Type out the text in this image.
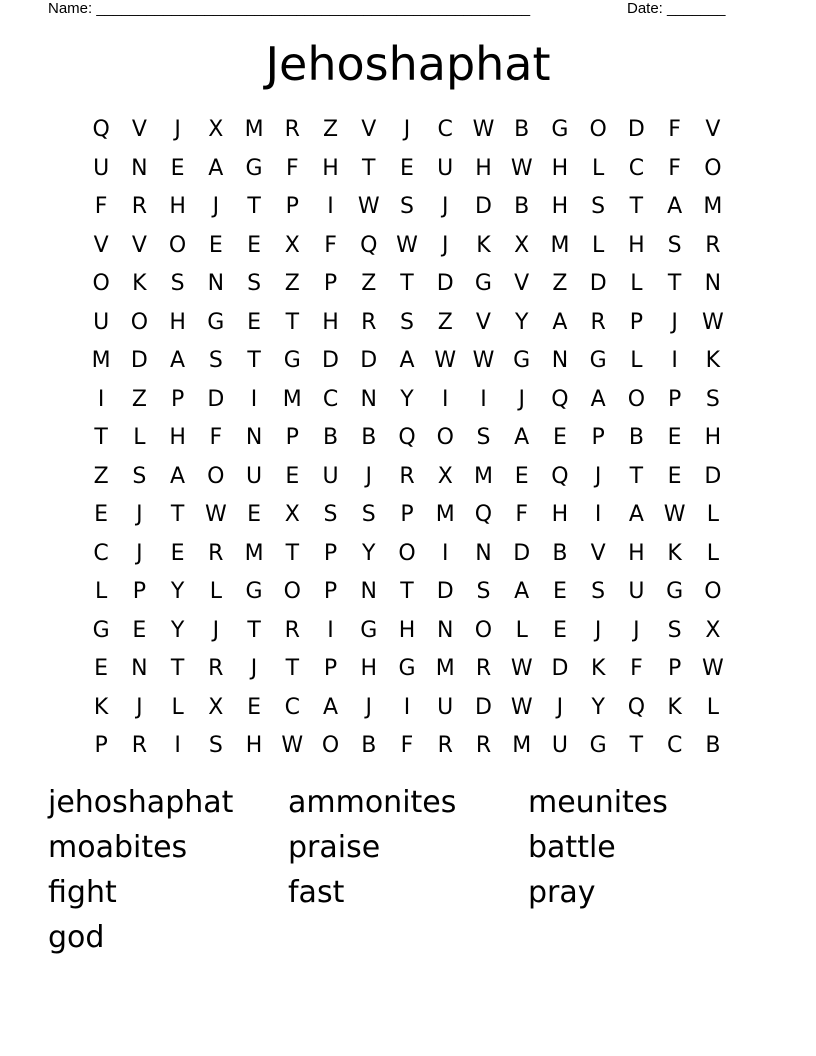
Name: ____________________________________________________	Date: _______
Jehoshaphat
Q	V	J	X M R	Z	V	J	C W B	G O D	F	V
U N	E	A	G	F	H	T	E	U H W H	L	C	F	O
F	R	H	J	T	P	I	W S	J	D	B	H	S	T	A M
V	V	O	E	E	X	F	Q W	J	K	X M	L	H	S	R
O	K	S	N	S	Z	P	Z	T	D G	V	Z	D	L	T	N
U O H G	E	T	H	R	S	Z	V	Y	A	R	P	J	W
M D	A	S	T	G D D	A W W G N G	L	I	K
I	Z	P	D	I	M C	N	Y	I	I	J	Q	A	O	P	S
T	L	H	F	N	P	B	B	Q O	S	A	E	P	B	E	H
Z	S	A	O U	E	U	J	R	X M E	Q	J	T	E	D
E	J	T W E	X	S	S	P	M Q	F	H	I	A W L
C	J	E	R M	T	P	Y	O	I	N D	B	V	H	K	L
L	P	Y	L	G O	P	N	T	D	S	A	E	S	U G O
G	E	Y	J	T	R	I	G H N O	L	E	J	J	S	X
E	N	T	R	J	T	P	H G M R W D	K	F	P W
K	J	L	X	E	C	A	J	I	U D W	J	Y	Q	K	L
P	R	I	S	H W O	B	F	R	R M U G	T	C	B
jehoshaphat	ammonites	meunites
moabites	praise	battle
fight	fast	pray
god
